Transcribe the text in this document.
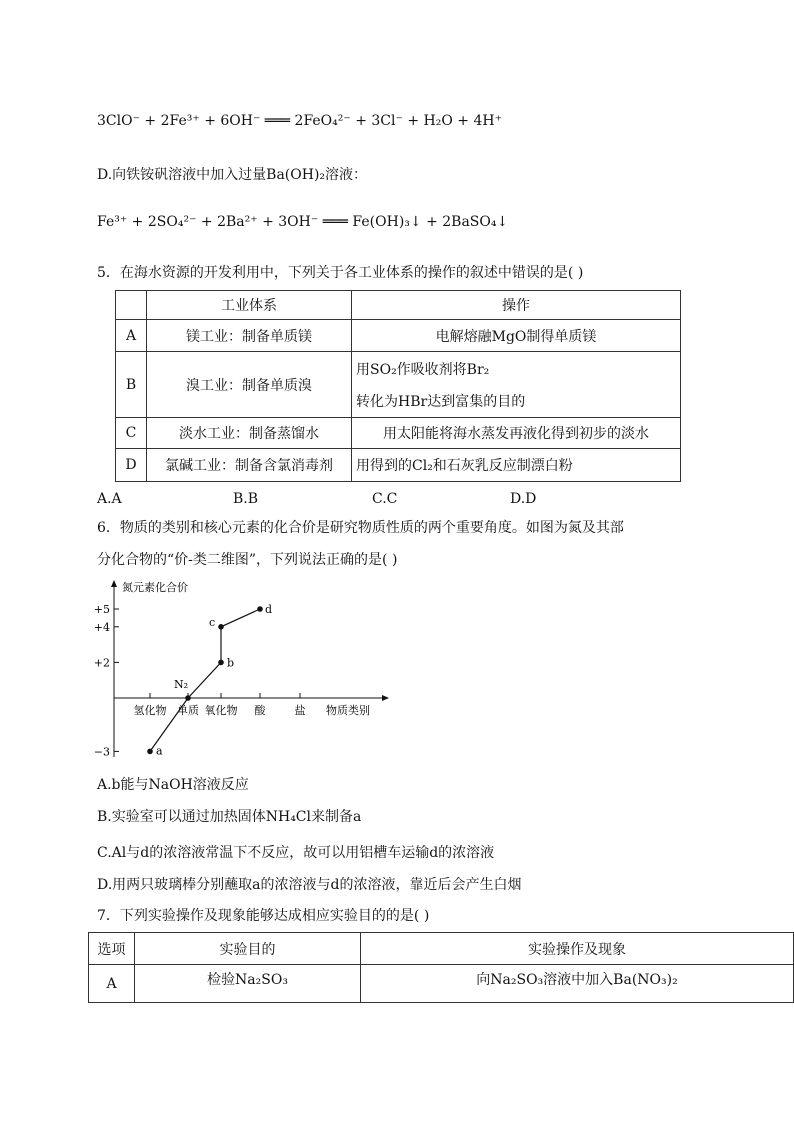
3ClO⁻ + 2Fe³⁺ + 6OH⁻ ═══ 2FeO₄²⁻ + 3Cl⁻ + H₂O + 4H⁺
D.向铁铵矾溶液中加入过量Ba(OH)₂溶液：
Fe³⁺ + 2SO₄²⁻ + 2Ba²⁺ + 3OH⁻ ═══ Fe(OH)₃↓ + 2BaSO₄↓
5．在海水资源的开发利用中，下列关于各工业体系的操作的叙述中错误的是( )
	工业体系	操作
A	镁工业：制备单质镁	电解熔融MgO制得单质镁
B	溴工业：制备单质溴	用SO₂作吸收剂将Br₂
转化为HBr达到富集的目的

C	淡水工业：制备蒸馏水	用太阳能将海水蒸发再液化得到初步的淡水
D	氯碱工业：制备含氯消毒剂	用得到的Cl₂和石灰乳反应制漂白粉
A.A	B.B	C.C	D.D
6．物质的类别和核心元素的化合价是研究物质性质的两个重要角度。如图为氮及其部
分化合物的“价-类二维图”，下列说法正确的是( )
氮元素化合价
+5
+4
+2
−3
氢化物 单质 氧化物 酸	盐 物质类别
a
N₂
b
c
d
A.b能与NaOH溶液反应
B.实验室可以通过加热固体NH₄Cl来制备a
C.Al与d的浓溶液常温下不反应，故可以用铝槽车运输d的浓溶液
D.用两只玻璃棒分别蘸取a的浓溶液与d的浓溶液，靠近后会产生白烟
7．下列实验操作及现象能够达成相应实验目的的是( )
选项	实验目的	实验操作及现象
A	检验Na₂SO₃	向Na₂SO₃溶液中加入Ba(NO₃)₂
